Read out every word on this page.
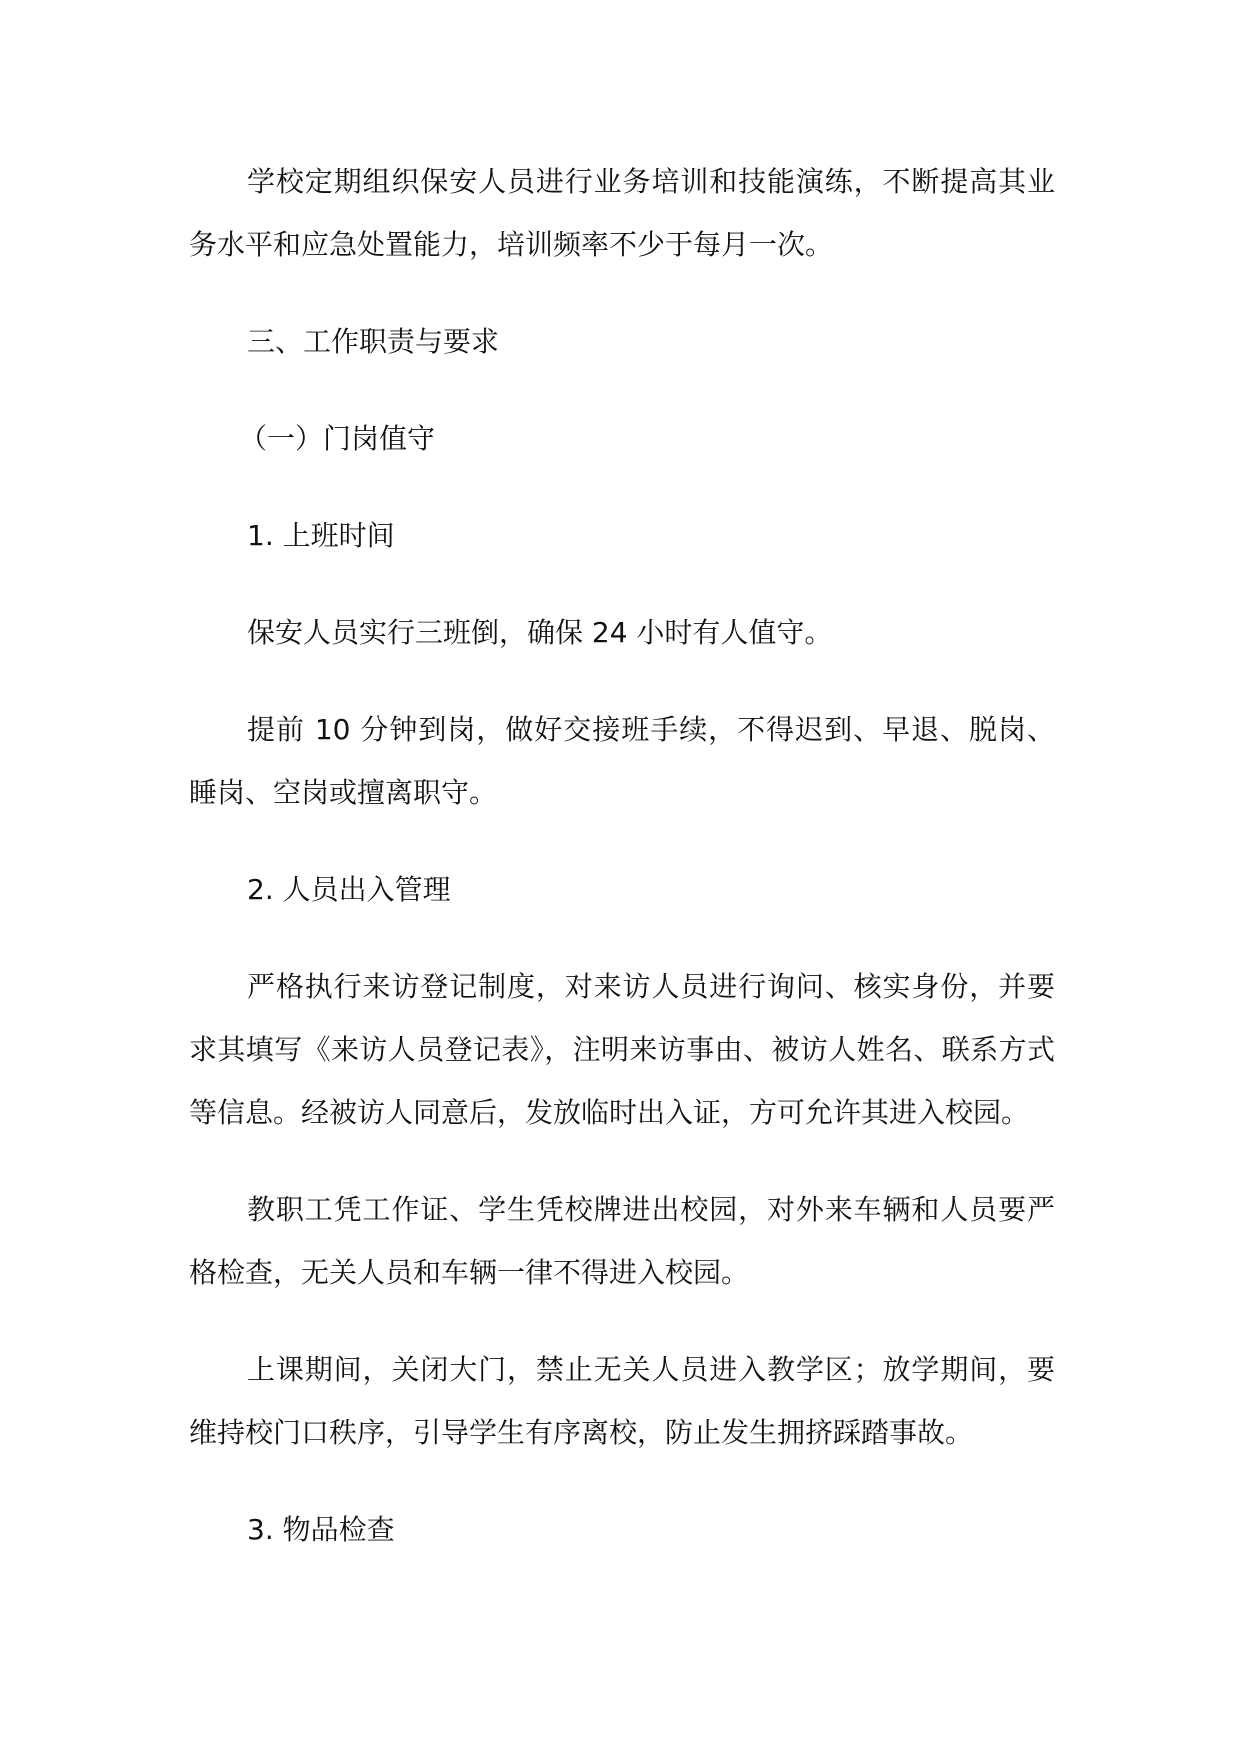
学校定期组织保安人员进行业务培训和技能演练，不断提高其业务水平和应急处置能力，培训频率不少于每月一次。

三、工作职责与要求

（一）门岗值守

1. 上班时间

保安人员实行三班倒，确保 24 小时有人值守。

提前 10 分钟到岗，做好交接班手续，不得迟到、早退、脱岗、睡岗、空岗或擅离职守。

2. 人员出入管理

严格执行来访登记制度，对来访人员进行询问、核实身份，并要求其填写《来访人员登记表》，注明来访事由、被访人姓名、联系方式等信息。经被访人同意后，发放临时出入证，方可允许其进入校园。

教职工凭工作证、学生凭校牌进出校园，对外来车辆和人员要严格检查，无关人员和车辆一律不得进入校园。

上课期间，关闭大门，禁止无关人员进入教学区；放学期间，要维持校门口秩序，引导学生有序离校，防止发生拥挤踩踏事故。

3. 物品检查
